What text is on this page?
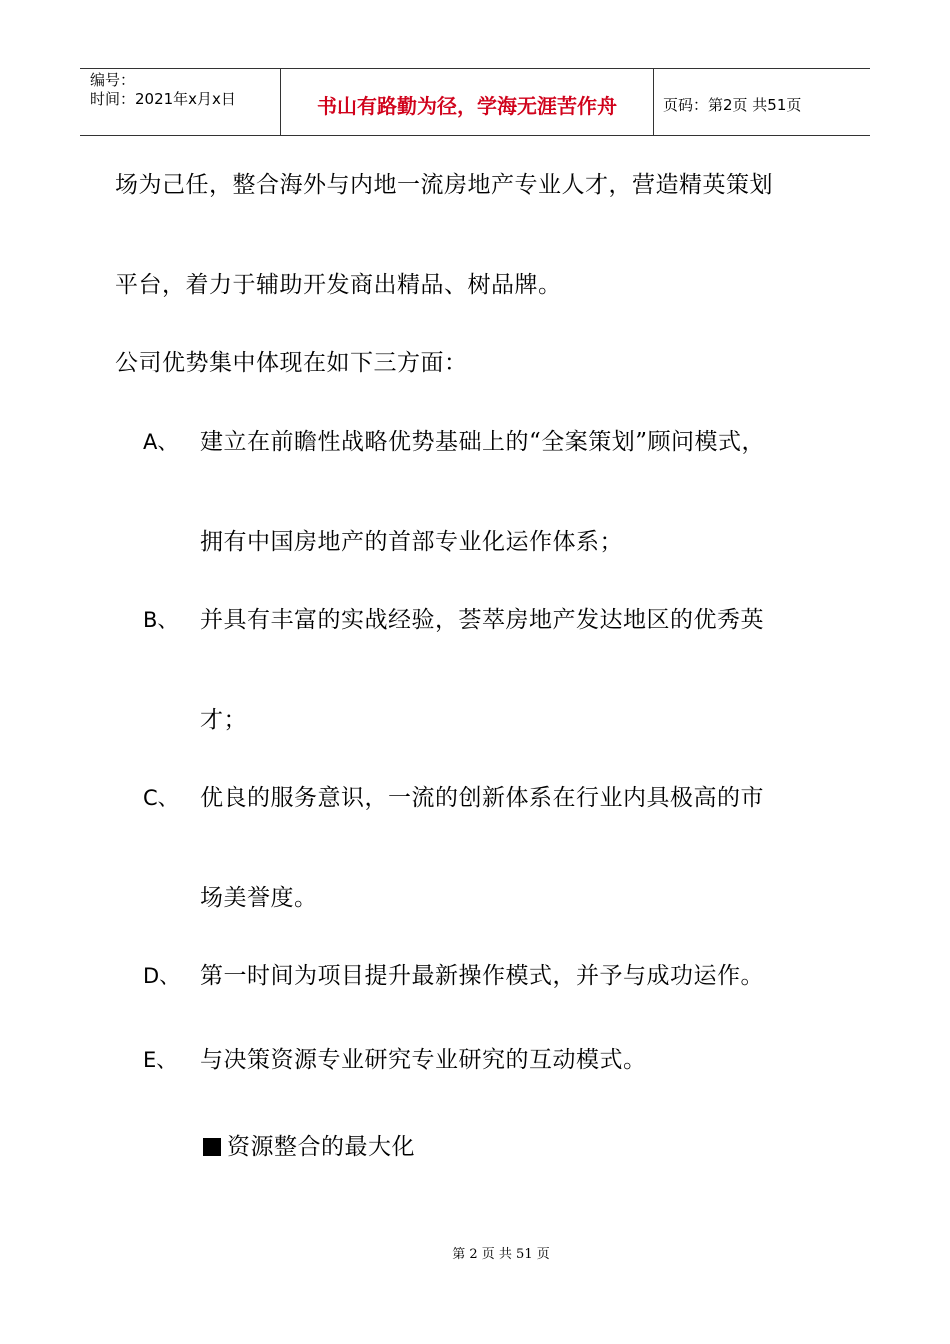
编号：
时间：2021年x月x日	书山有路勤为径，学海无涯苦作舟	页码：第2页 共51页
场为己任，整合海外与内地一流房地产专业人才，营造精英策划
平台，着力于辅助开发商出精品、树品牌。
公司优势集中体现在如下三方面：
A、 建立在前瞻性战略优势基础上的“全案策划”顾问模式，
拥有中国房地产的首部专业化运作体系；
B、 并具有丰富的实战经验，荟萃房地产发达地区的优秀英
才；
C、 优良的服务意识，一流的创新体系在行业内具极高的市
场美誉度。
D、 第一时间为项目提升最新操作模式，并予与成功运作。
E、 与决策资源专业研究专业研究的互动模式。
资源整合的最大化
第 2 页 共 51 页
